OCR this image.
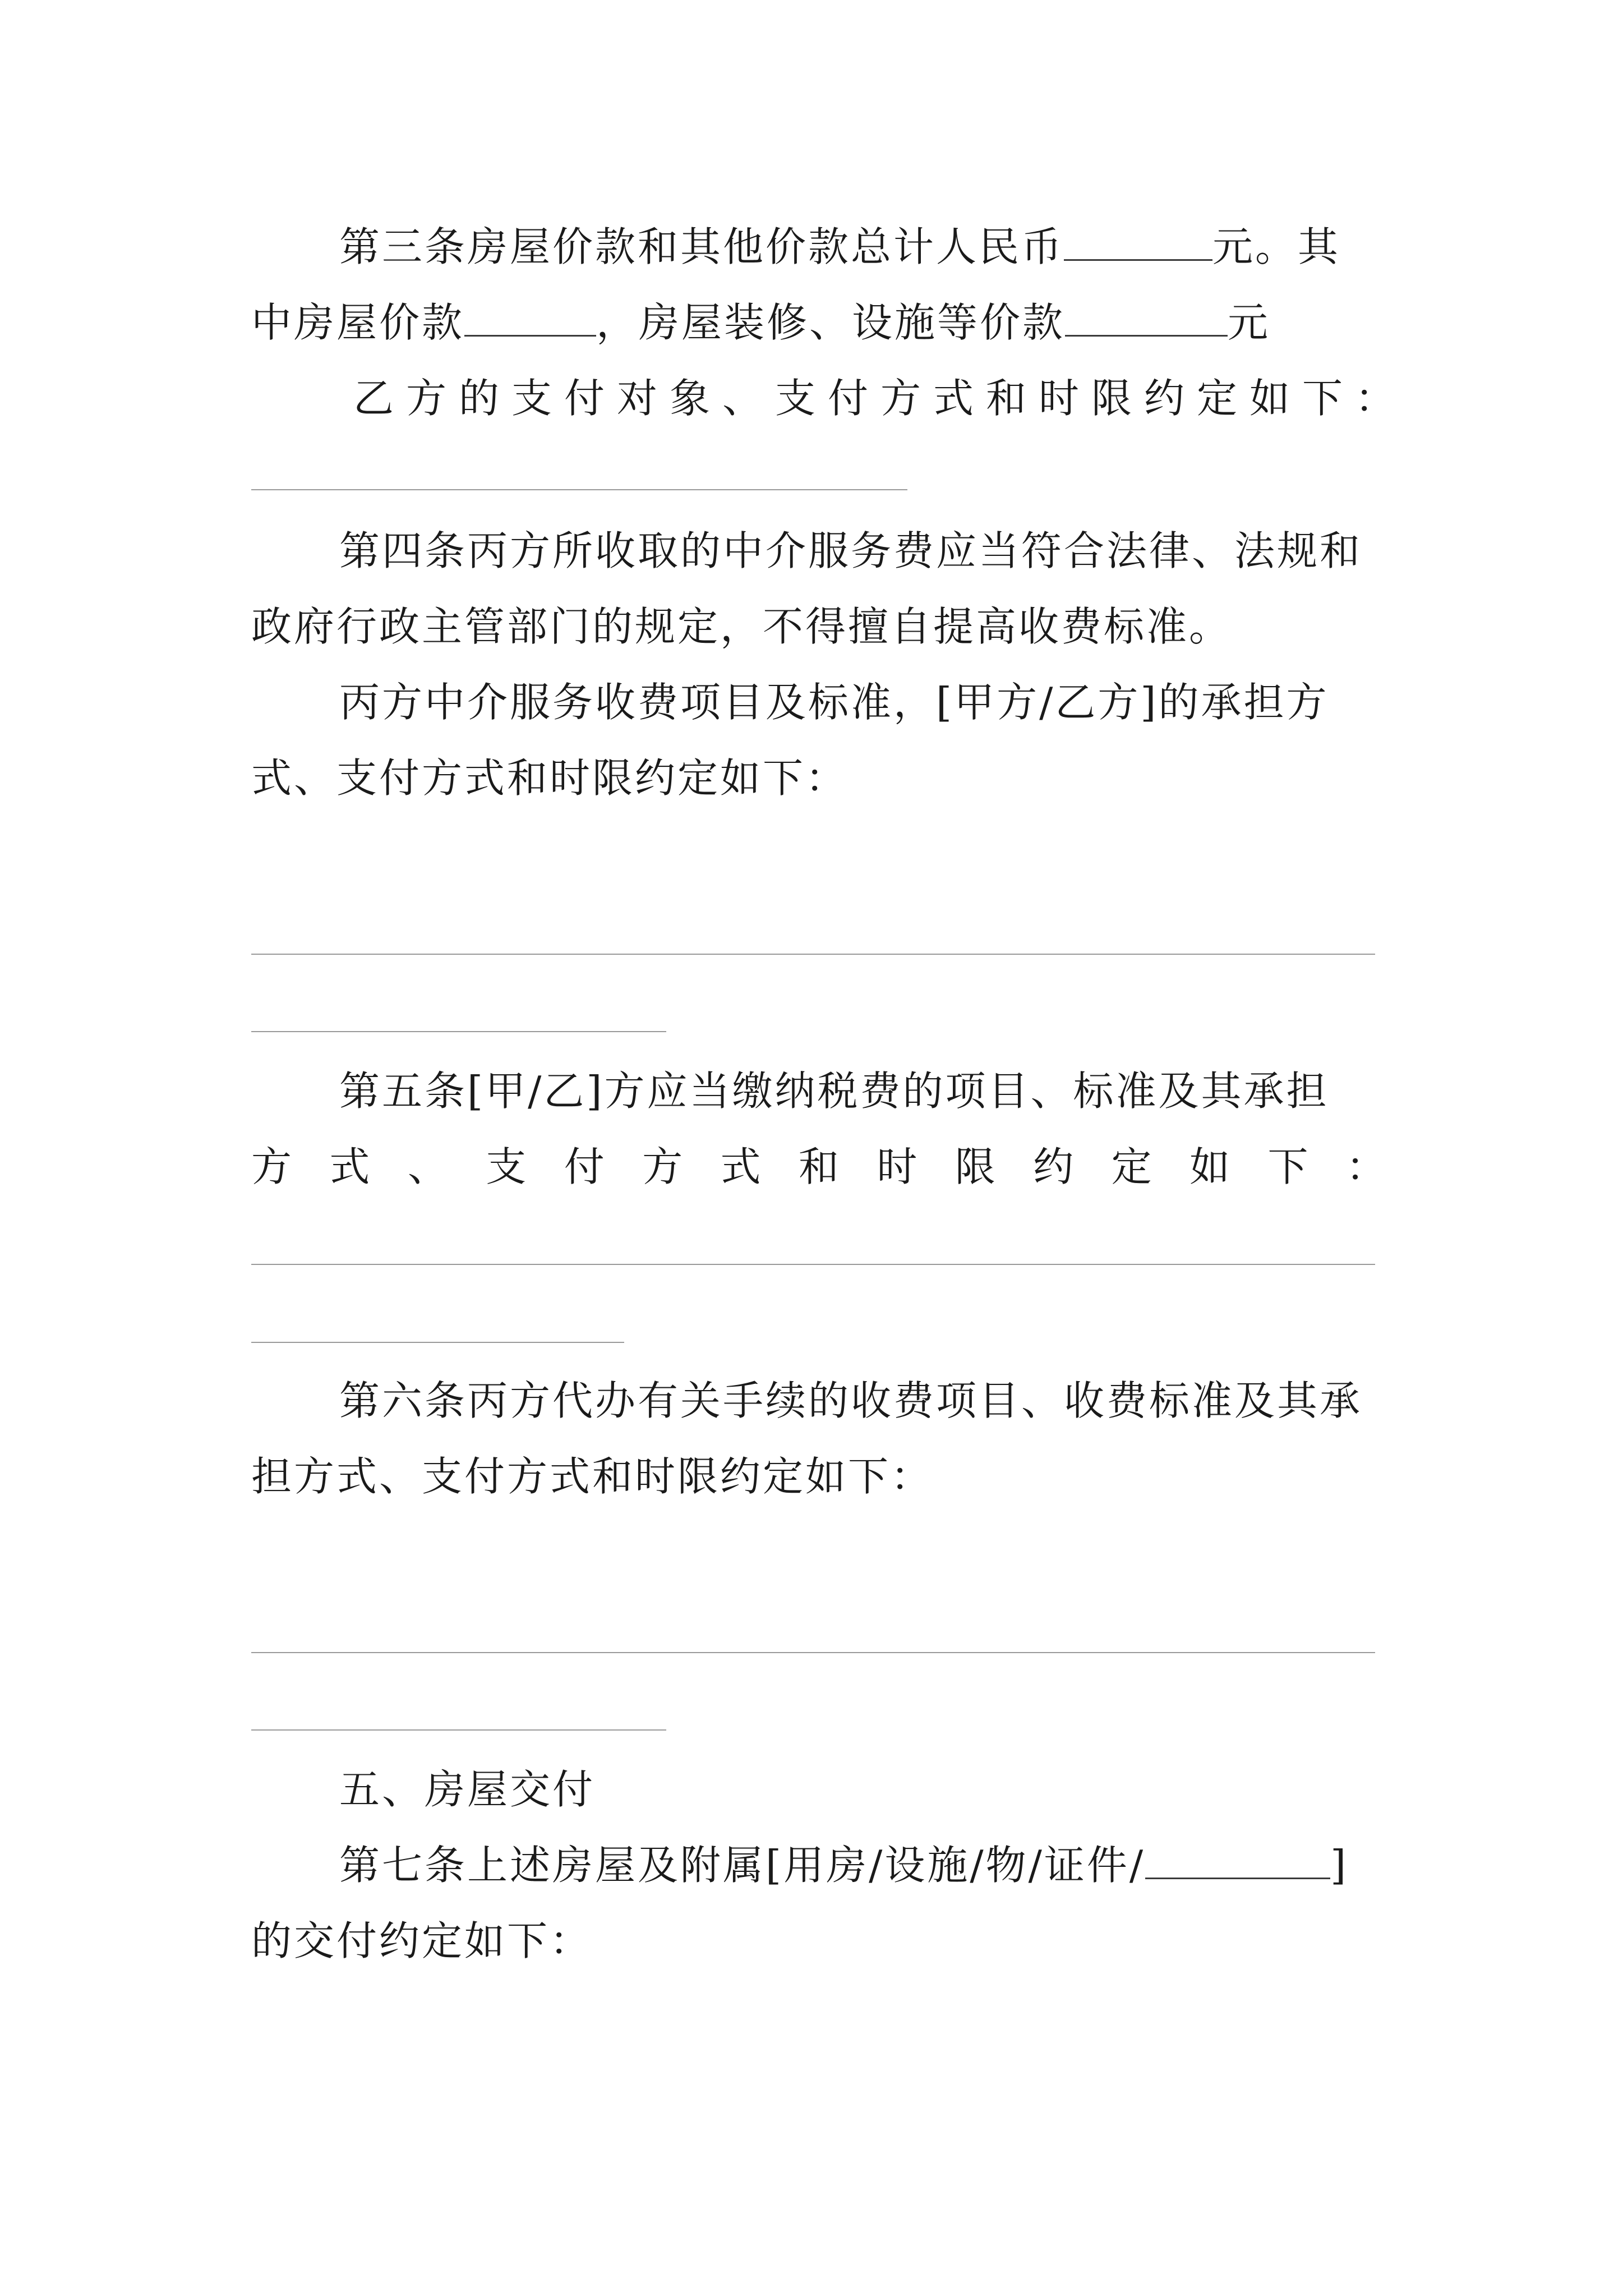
第三条房屋价款和其他价款总计人民币	元。其
中房屋价款	，房屋装修、设施等价款	元
乙方的支付对象、支付方式和时限约定如下：
第四条丙方所收取的中介服务费应当符合法律、法规和
政府行政主管部门的规定，不得擅自提高收费标准。
丙方中介服务收费项目及标准，[甲方/乙方]的承担方
式、支付方式和时限约定如下：
第五条[甲/乙]方应当缴纳税费的项目、标准及其承担
方 式 、 支 付 方 式 和 时 限 约 定 如 下 ：
第六条丙方代办有关手续的收费项目、收费标准及其承
担方式、支付方式和时限约定如下：
五、房屋交付
第七条上述房屋及附属[用房/设施/物/证件/	]
的交付约定如下：
